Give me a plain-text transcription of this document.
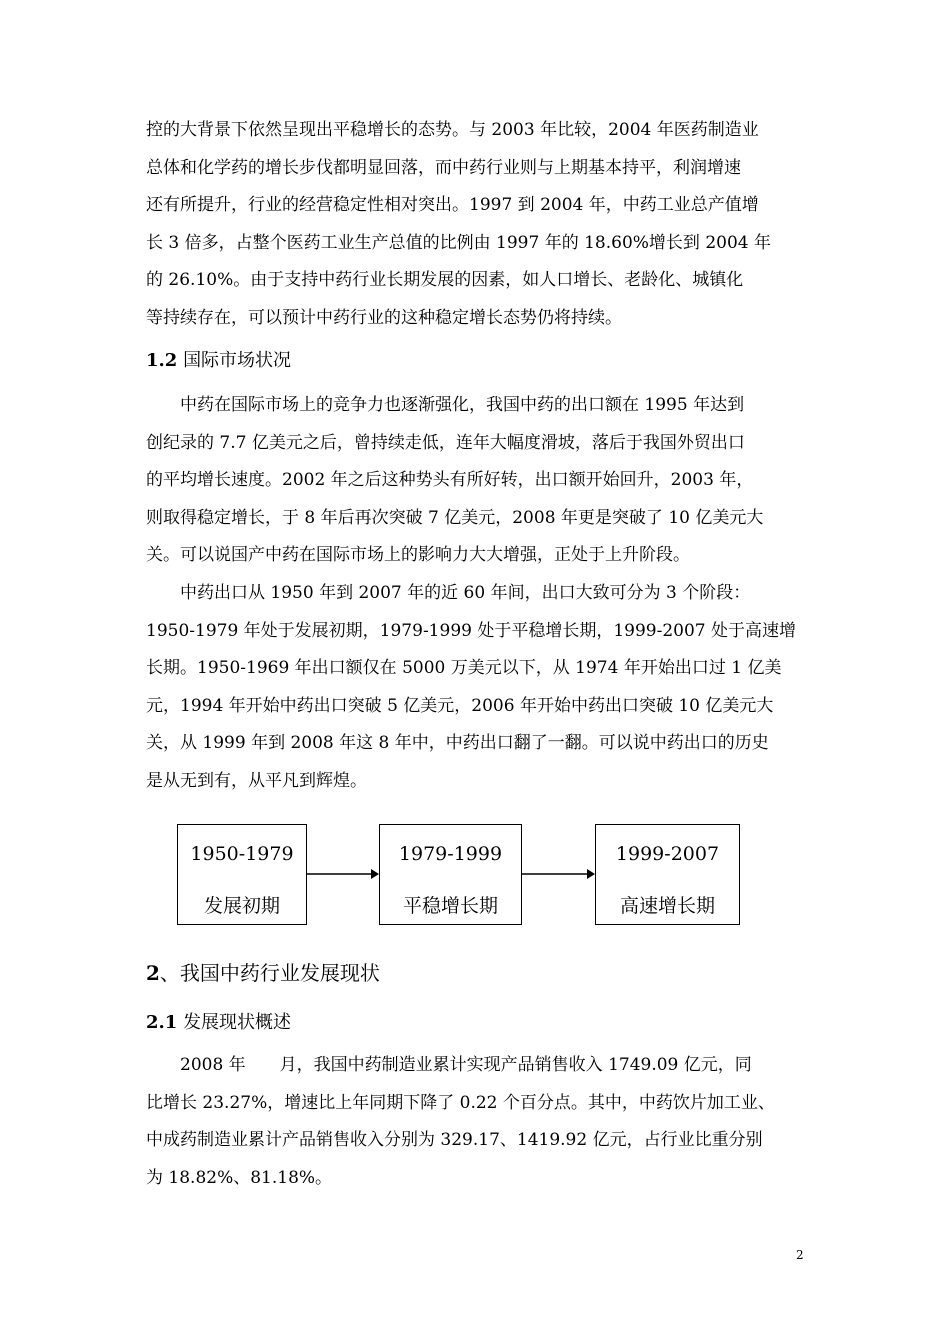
控的大背景下依然呈现出平稳增长的态势。与 2003 年比较，2004 年医药制造业
总体和化学药的增长步伐都明显回落，而中药行业则与上期基本持平，利润增速
还有所提升，行业的经营稳定性相对突出。1997 到 2004 年，中药工业总产值增
长 3 倍多，占整个医药工业生产总值的比例由 1997 年的 18.60%增长到 2004 年
的 26.10%。由于支持中药行业长期发展的因素，如人口增长、老龄化、城镇化
等持续存在，可以预计中药行业的这种稳定增长态势仍将持续。
1.2 国际市场状况
中药在国际市场上的竞争力也逐渐强化，我国中药的出口额在 1995 年达到
创纪录的 7.7 亿美元之后，曾持续走低，连年大幅度滑坡，落后于我国外贸出口
的平均增长速度。2002 年之后这种势头有所好转，出口额开始回升，2003 年，
则取得稳定增长，于 8 年后再次突破 7 亿美元，2008 年更是突破了 10 亿美元大
关。可以说国产中药在国际市场上的影响力大大增强，正处于上升阶段。
中药出口从 1950 年到 2007 年的近 60 年间，出口大致可分为 3 个阶段：
1950-1979 年处于发展初期，1979-1999 处于平稳增长期，1999-2007 处于高速增
长期。1950-1969 年出口额仅在 5000 万美元以下，从 1974 年开始出口过 1 亿美
元，1994 年开始中药出口突破 5 亿美元，2006 年开始中药出口突破 10 亿美元大
关，从 1999 年到 2008 年这 8 年中，中药出口翻了一翻。可以说中药出口的历史
是从无到有，从平凡到辉煌。
1950-1979
发展初期
1979-1999
平稳增长期
1999-2007
高速增长期
2、我国中药行业发展现状
2.1 发展现状概述
2008 年　　月，我国中药制造业累计实现产品销售收入 1749.09 亿元，同
比增长 23.27%，增速比上年同期下降了 0.22 个百分点。其中，中药饮片加工业、
中成药制造业累计产品销售收入分别为 329.17、1419.92 亿元，占行业比重分别
为 18.82%、81.18%。
2
